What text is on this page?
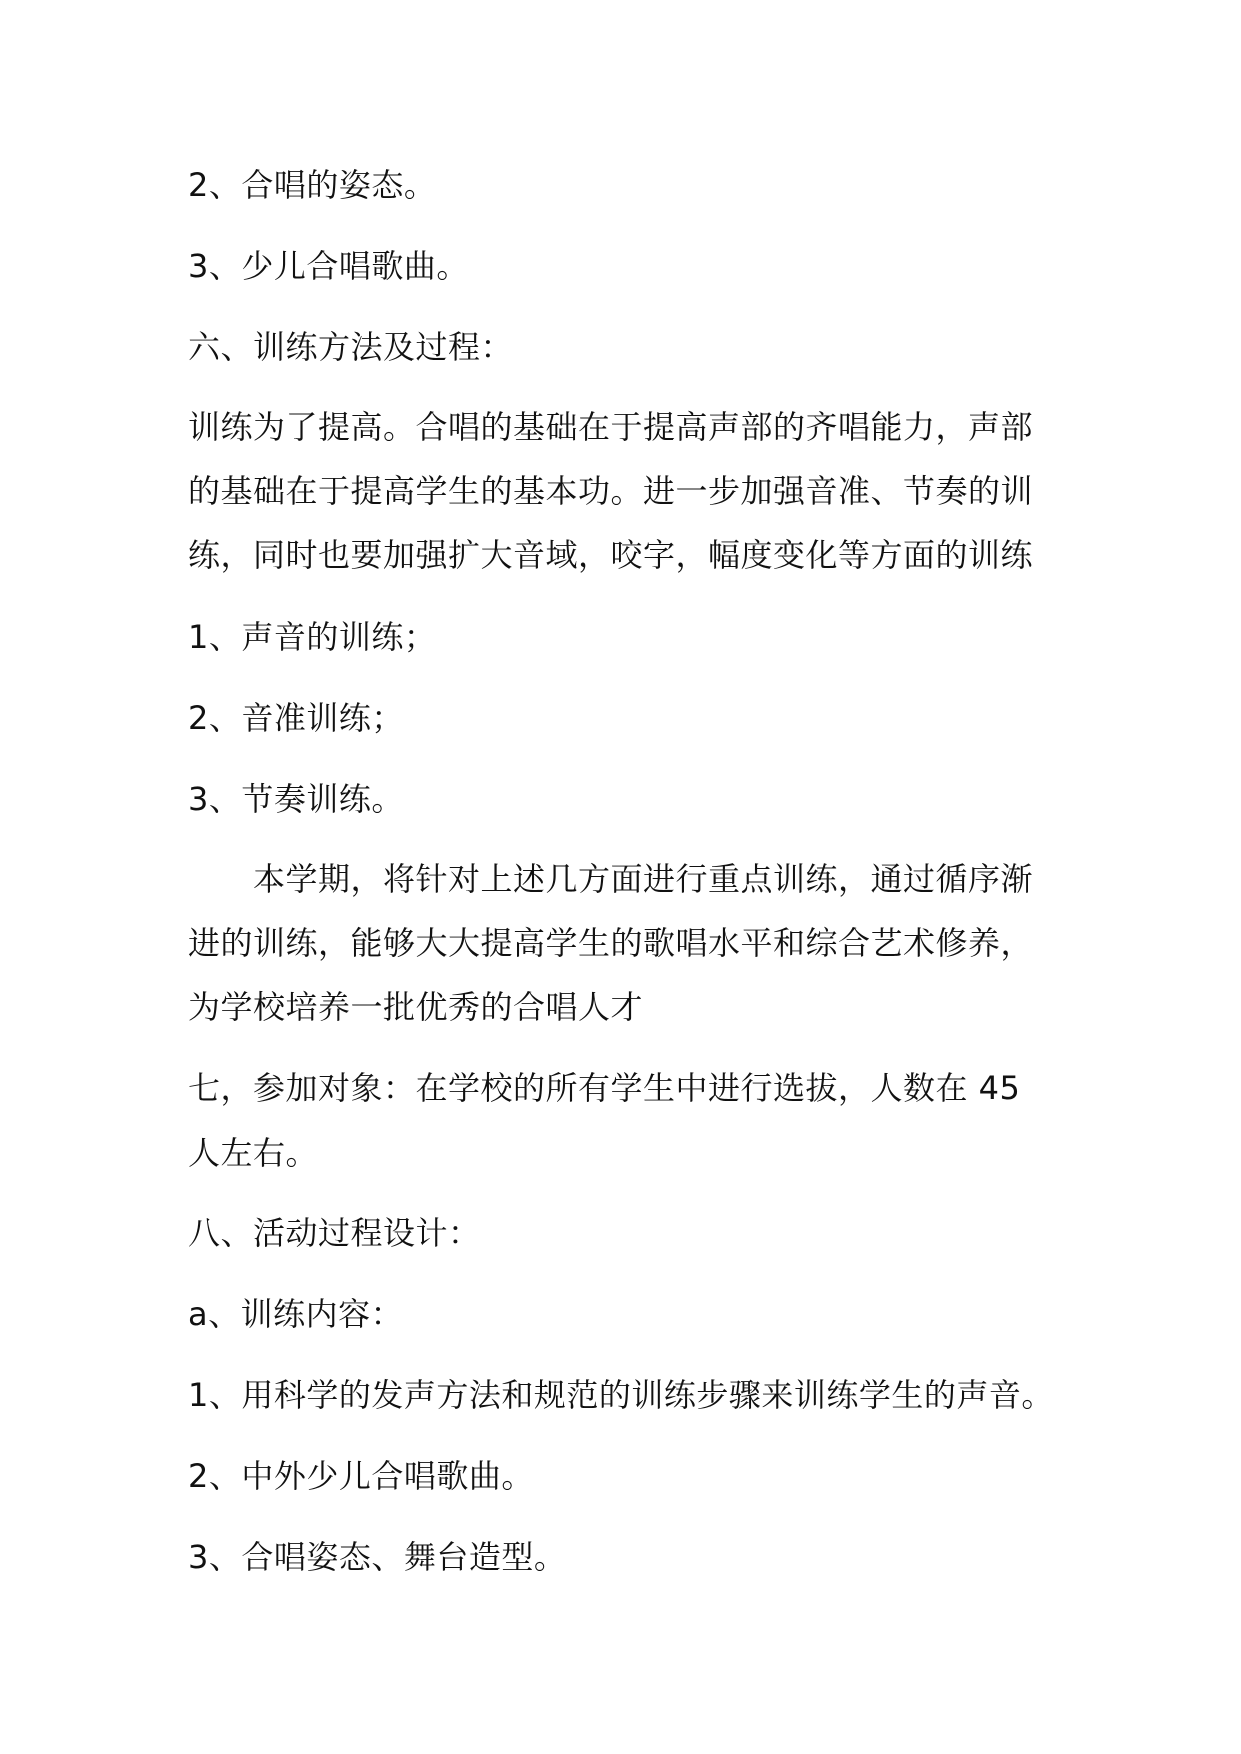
2、合唱的姿态。
3、少儿合唱歌曲。
六、训练方法及过程：
训练为了提高。合唱的基础在于提高声部的齐唱能力，声部
的基础在于提高学生的基本功。进一步加强音准、节奏的训
练，同时也要加强扩大音域，咬字，幅度变化等方面的训练
1、声音的训练；
2、音准训练；
3、节奏训练。
　　本学期，将针对上述几方面进行重点训练，通过循序渐
进的训练，能够大大提高学生的歌唱水平和综合艺术修养，
为学校培养一批优秀的合唱人才
七，参加对象：在学校的所有学生中进行选拔，人数在 45
人左右。
八、活动过程设计：
a、训练内容：
1、用科学的发声方法和规范的训练步骤来训练学生的声音。
2、中外少儿合唱歌曲。
3、合唱姿态、舞台造型。
